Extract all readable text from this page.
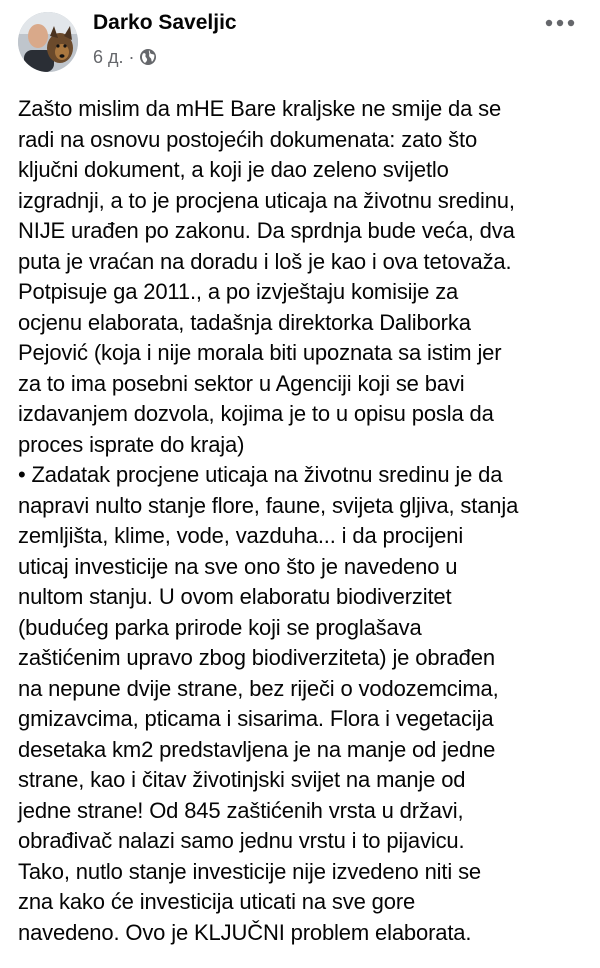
Darko Saveljic
6 д. ·

Zašto mislim da mHE Bare kraljske ne smije da se

radi na osnovu postojećih dokumenata: zato što

ključni dokument, a koji je dao zeleno svijetlo

izgradnji, a to je procjena uticaja na životnu sredinu,

NIJE urađen po zakonu. Da sprdnja bude veća, dva

puta je vraćan na doradu i loš je kao i ova tetovaža.

Potpisuje ga 2011., a po izvještaju komisije za

ocjenu elaborata, tadašnja direktorka Daliborka

Pejović (koja i nije morala biti upoznata sa istim jer

za to ima posebni sektor u Agenciji koji se bavi

izdavanjem dozvola, kojima je to u opisu posla da

proces isprate do kraja)

• Zadatak procjene uticaja na životnu sredinu je da

napravi nulto stanje flore, faune, svijeta gljiva, stanja

zemljišta, klime, vode, vazduha... i da procijeni

uticaj investicije na sve ono što je navedeno u

nultom stanju. U ovom elaboratu biodiverzitet

(budućeg parka prirode koji se proglašava

zaštićenim upravo zbog biodiverziteta) je obrađen

na nepune dvije strane, bez riječi o vodozemcima,

gmizavcima, pticama i sisarima. Flora i vegetacija

desetaka km2 predstavljena je na manje od jedne

strane, kao i čitav životinjski svijet na manje od

jedne strane! Od 845 zaštićenih vrsta u državi,

obrađivač nalazi samo jednu vrstu i to pijavicu.

Tako, nutlo stanje investicije nije izvedeno niti se

zna kako će investicija uticati na sve gore

navedeno. Ovo je KLJUČNI problem elaborata.
